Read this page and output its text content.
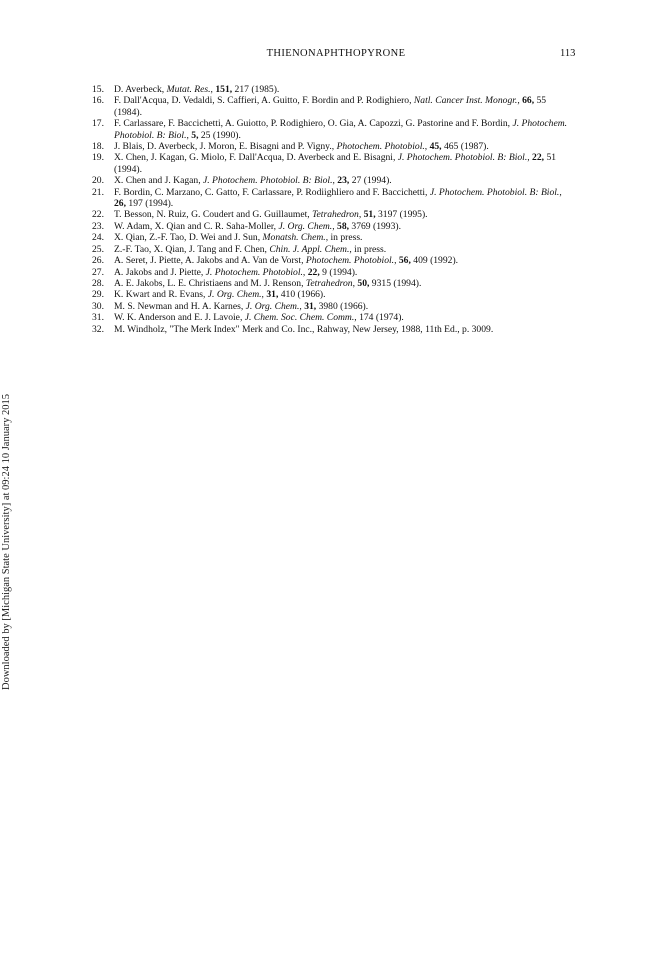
THIENONAPHTHOPYRONE	113
15. D. Averbeck, Mutat. Res., 151, 217 (1985).
16. F. Dall'Acqua, D. Vedaldi, S. Caffieri, A. Guitto, F. Bordin and P. Rodighiero, Natl. Cancer Inst. Monogr., 66, 55 (1984).
17. F. Carlassare, F. Baccichetti, A. Guiotto, P. Rodighiero, O. Gia, A. Capozzi, G. Pastorine and F. Bordin, J. Photochem. Photobiol. B: Biol., 5, 25 (1990).
18. J. Blais, D. Averbeck, J. Moron, E. Bisagni and P. Vigny., Photochem. Photobiol., 45, 465 (1987).
19. X. Chen, J. Kagan, G. Miolo, F. Dall'Acqua, D. Averbeck and E. Bisagni, J. Photochem. Photobiol. B: Biol., 22, 51 (1994).
20. X. Chen and J. Kagan, J. Photochem. Photobiol. B: Biol., 23, 27 (1994).
21. F. Bordin, C. Marzano, C. Gatto, F. Carlassare, P. Rodiighliero and F. Baccichetti, J. Photochem. Photobiol. B: Biol., 26, 197 (1994).
22. T. Besson, N. Ruiz, G. Coudert and G. Guillaumet, Tetrahedron, 51, 3197 (1995).
23. W. Adam, X. Qian and C. R. Saha-Moller, J. Org. Chem., 58, 3769 (1993).
24. X. Qian, Z.-F. Tao, D. Wei and J. Sun, Monatsh. Chem., in press.
25. Z.-F. Tao, X. Qian, J. Tang and F. Chen, Chin. J. Appl. Chem., in press.
26. A. Seret, J. Piette, A. Jakobs and A. Van de Vorst, Photochem. Photobiol., 56, 409 (1992).
27. A. Jakobs and J. Piette, J. Photochem. Photobiol., 22, 9 (1994).
28. A. E. Jakobs, L. E. Christiaens and M. J. Renson, Tetrahedron, 50, 9315 (1994).
29. K. Kwart and R. Evans, J. Org. Chem., 31, 410 (1966).
30. M. S. Newman and H. A. Karnes, J. Org. Chem., 31, 3980 (1966).
31. W. K. Anderson and E. J. Lavoie, J. Chem. Soc. Chem. Comm., 174 (1974).
32. M. Windholz, "The Merk Index" Merk and Co. Inc., Rahway, New Jersey, 1988, 11th Ed., p. 3009.
Downloaded by [Michigan State University] at 09:24 10 January 2015
